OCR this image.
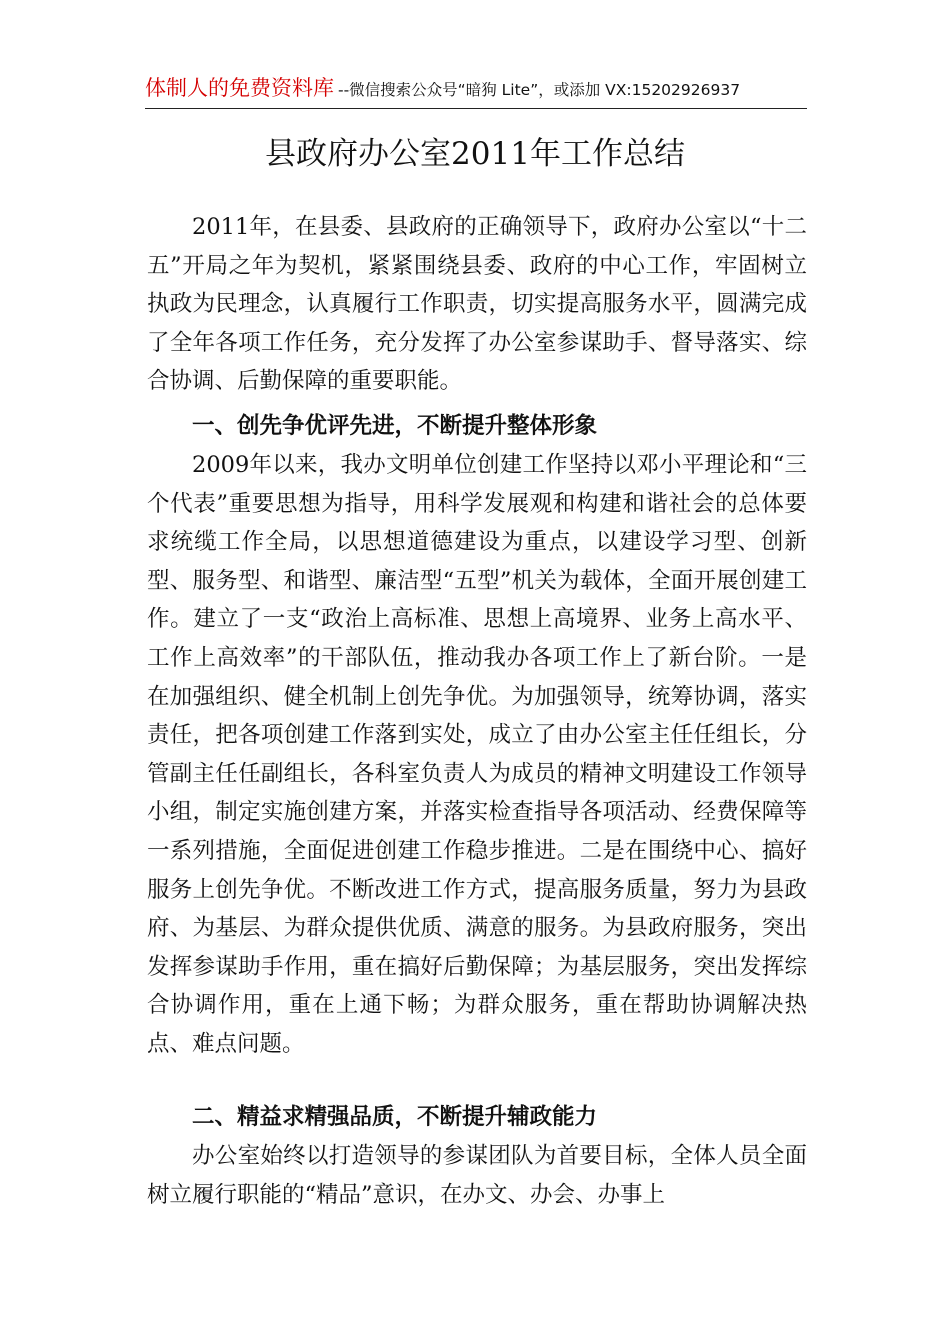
体制人的免费资料库 --微信搜索公众号“暗狗 Lite”，或添加 VX:15202926937
县政府办公室2011年工作总结
2011年，在县委、县政府的正确领导下，政府办公室以“十二五”开局之年为契机，紧紧围绕县委、政府的中心工作，牢固树立执政为民理念，认真履行工作职责，切实提高服务水平，圆满完成了全年各项工作任务，充分发挥了办公室参谋助手、督导落实、综合协调、后勤保障的重要职能。
一、创先争优评先进，不断提升整体形象
2009年以来，我办文明单位创建工作坚持以邓小平理论和“三个代表”重要思想为指导，用科学发展观和构建和谐社会的总体要求统缆工作全局，以思想道德建设为重点，以建设学习型、创新型、服务型、和谐型、廉洁型“五型”机关为载体，全面开展创建工作。建立了一支“政治上高标准、思想上高境界、业务上高水平、工作上高效率”的干部队伍，推动我办各项工作上了新台阶。一是在加强组织、健全机制上创先争优。为加强领导，统筹协调，落实责任，把各项创建工作落到实处，成立了由办公室主任任组长，分管副主任任副组长，各科室负责人为成员的精神文明建设工作领导小组，制定实施创建方案，并落实检查指导各项活动、经费保障等一系列措施，全面促进创建工作稳步推进。二是在围绕中心、搞好服务上创先争优。不断改进工作方式，提高服务质量，努力为县政府、为基层、为群众提供优质、满意的服务。为县政府服务，突出发挥参谋助手作用，重在搞好后勤保障；为基层服务，突出发挥综合协调作用，重在上通下畅；为群众服务，重在帮助协调解决热点、难点问题。
二、精益求精强品质，不断提升辅政能力
办公室始终以打造领导的参谋团队为首要目标，全体人员全面树立履行职能的“精品”意识，在办文、办会、办事上
